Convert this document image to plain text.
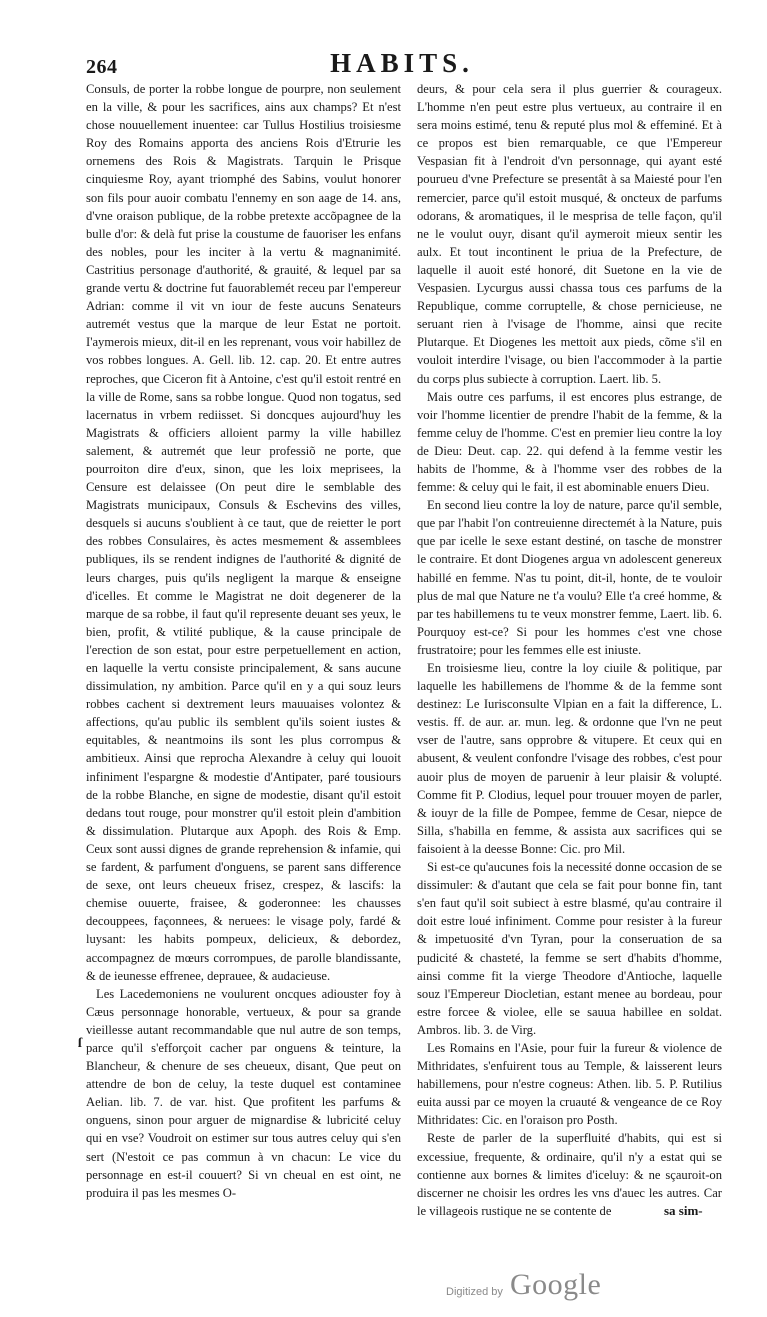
264	HABITS.

Consuls, de porter la robbe longue de pourpre, non seulement en la ville, & pour les sacrifices, ains aux champs? Et n'est chose nouuellement inuentee: car Tullus Hostilius troisiesme Roy des Romains apporta des anciens Rois d'Etrurie les ornemens des Rois & Magistrats. Tarquin le Prisque cinquiesme Roy, ayant triomphé des Sabins, voulut honorer son fils pour auoir combatu l'ennemy en son aage de 14. ans, d'vne oraison publique, de la robbe pretexte accõpagnee de la bulle d'or: & delà fut prise la coustume de fauoriser les enfans des nobles, pour les inciter à la vertu & magnanimité. Castritius personage d'authorité, & grauité, & lequel par sa grande vertu & doctrine fut fauorablemét receu par l'empereur Adrian: comme il vit vn iour de feste aucuns Senateurs autremét vestus que la marque de leur Estat ne portoit. I'aymerois mieux, dit-il en les reprenant, vous voir habillez de vos robbes longues. A. Gell. lib. 12. cap. 20. Et entre autres reproches, que Ciceron fit à Antoine, c'est qu'il estoit rentré en la ville de Rome, sans sa robbe longue. Quod non togatus, sed lacernatus in vrbem rediisset. Si doncques aujourd'huy les Magistrats & officiers alloient parmy la ville habillez salement, & autremét que leur professiõ ne porte, que pourroiton dire d'eux, sinon, que les loix meprisees, la Censure est delaissee (On peut dire le semblable des Magistrats municipaux, Consuls & Eschevins des villes, desquels si aucuns s'oublient à ce taut, que de reietter le port des robbes Consulaires, ès actes mesmement & assemblees publiques, ils se rendent indignes de l'authorité & dignité de leurs charges, puis qu'ils negligent la marque & enseigne d'icelles. Et comme le Magistrat ne doit degenerer de la marque de sa robbe, il faut qu'il represente deuant ses yeux, le bien, profit, & vtilité publique, & la cause principale de l'erection de son estat, pour estre perpetuellement en action, en laquelle la vertu consiste principalement, & sans aucune dissimulation, ny ambition. Parce qu'il en y a qui souz leurs robbes cachent si dextrement leurs mauuaises volontez & affections, qu'au public ils semblent qu'ils soient iustes & equitables, & neantmoins ils sont les plus corrompus & ambitieux. Ainsi que reprocha Alexandre à celuy qui louoit infiniment l'espargne & modestie d'Antipater, paré tousiours de la robbe Blanche, en signe de modestie, disant qu'il estoit dedans tout rouge, pour monstrer qu'il estoit plein d'ambition & dissimulation. Plutarque aux Apoph. des Rois & Emp. Ceux sont aussi dignes de grande reprehension & infamie, qui se fardent, & parfument d'onguens, se parent sans difference de sexe, ont leurs cheueux frisez, crespez, & lascifs: la chemise ouuerte, fraisee, & goderonnee: les chausses decouppees, façonnees, & neruees: le visage poly, fardé & luysant: les habits pompeux, delicieux, & debordez, accompagnez de mœurs corrompues, de parolle blandissante, & de ieunesse effrenee, deprauee, & audacieuse.

Les Lacedemoniens ne voulurent oncques adiouster foy à Cæus personnage honorable, vertueux, & pour sa grande vieillesse autant recommandable que nul autre de son temps, parce qu'il s'efforçoit cacher par onguens & teinture, la Blancheur, & chenure de ses cheueux, disant, Que peut on attendre de bon de celuy, la teste duquel est contaminee Aelian. lib. 7. de var. hist. Que profitent les parfums & onguens, sinon pour arguer de mignardise & lubricité celuy qui en vse? Voudroit on estimer sur tous autres celuy qui s'en sert (N'estoit ce pas commun à vn chacun: Le vice du personnage en est-il couuert? Si vn cheual en est oint, ne produira il pas les mesmes O-

deurs, & pour cela sera il plus guerrier & courageux. L'homme n'en peut estre plus vertueux, au contraire il en sera moins estimé, tenu & reputé plus mol & effeminé. Et à ce propos est bien remarquable, ce que l'Empereur Vespasian fit à l'endroit d'vn personnage, qui ayant esté pourueu d'vne Prefecture se presentât à sa Maiesté pour l'en remercier, parce qu'il estoit musqué, & oncteux de parfums odorans, & aromatiques, il le mesprisa de telle façon, qu'il ne le voulut ouyr, disant qu'il aymeroit mieux sentir les aulx. Et tout incontinent le priua de la Prefecture, de laquelle il auoit esté honoré, dit Suetone en la vie de Vespasien. Lycurgus aussi chassa tous ces parfums de la Republique, comme corruptelle, & chose pernicieuse, ne seruant rien à l'visage de l'homme, ainsi que recite Plutarque. Et Diogenes les mettoit aux pieds, cõme s'il en vouloit interdire l'visage, ou bien l'accommoder à la partie du corps plus subiecte à corruption. Laert. lib. 5.

Mais outre ces parfums, il est encores plus estrange, de voir l'homme licentier de prendre l'habit de la femme, & la femme celuy de l'homme. C'est en premier lieu contre la loy de Dieu: Deut. cap. 22. qui defend à la femme vestir les habits de l'homme, & à l'homme vser des robbes de la femme: & celuy qui le fait, il est abominable enuers Dieu.

En second lieu contre la loy de nature, parce qu'il semble, que par l'habit l'on contreuienne directemét à la Nature, puis que par icelle le sexe estant destiné, on tasche de monstrer le contraire. Et dont Diogenes argua vn adolescent genereux habillé en femme. N'as tu point, dit-il, honte, de te vouloir plus de mal que Nature ne t'a voulu? Elle t'a creé homme, & par tes habillemens tu te veux monstrer femme, Laert. lib. 6. Pourquoy est-ce? Si pour les hommes c'est vne chose frustratoire; pour les femmes elle est iniuste.

En troisiesme lieu, contre la loy ciuile & politique, par laquelle les habillemens de l'homme & de la femme sont destinez: Le Iurisconsulte Vlpian en a fait la difference, L. vestis. ff. de aur. ar. mun. leg. & ordonne que l'vn ne peut vser de l'autre, sans opprobre & vitupere. Et ceux qui en abusent, & veulent confondre l'visage des robbes, c'est pour auoir plus de moyen de paruenir à leur plaisir & volupté. Comme fit P. Clodius, lequel pour trouuer moyen de parler, & iouyr de la fille de Pompee, femme de Cesar, niepce de Silla, s'habilla en femme, & assista aux sacrifices qui se faisoient à la deesse Bonne: Cic. pro Mil.

Si est-ce qu'aucunes fois la necessité donne occasion de se dissimuler: & d'autant que cela se fait pour bonne fin, tant s'en faut qu'il soit subiect à estre blasmé, qu'au contraire il doit estre loué infiniment. Comme pour resister à la fureur & impetuosité d'vn Tyran, pour la conseruation de sa pudicité & chasteté, la femme se sert d'habits d'homme, ainsi comme fit la vierge Theodore d'Antioche, laquelle souz l'Empereur Diocletian, estant menee au bordeau, pour estre forcee & violee, elle se sauua habillee en soldat. Ambros. lib. 3. de Virg.

Les Romains en l'Asie, pour fuir la fureur & violence de Mithridates, s'enfuirent tous au Temple, & laisserent leurs habillemens, pour n'estre cogneus: Athen. lib. 5. P. Rutilius euita aussi par ce moyen la cruauté & vengeance de ce Roy Mithridates: Cic. en l'oraison pro Posth.

Reste de parler de la superfluité d'habits, qui est si excessiue, frequente, & ordinaire, qu'il n'y a estat qui se contienne aux bornes & limites d'iceluy: & ne sçauroit-on discerner ne choisir les ordres les vns d'auec les autres. Car le villageois rustique ne se contente de

ſ
sa sim-
Digitized by Google
